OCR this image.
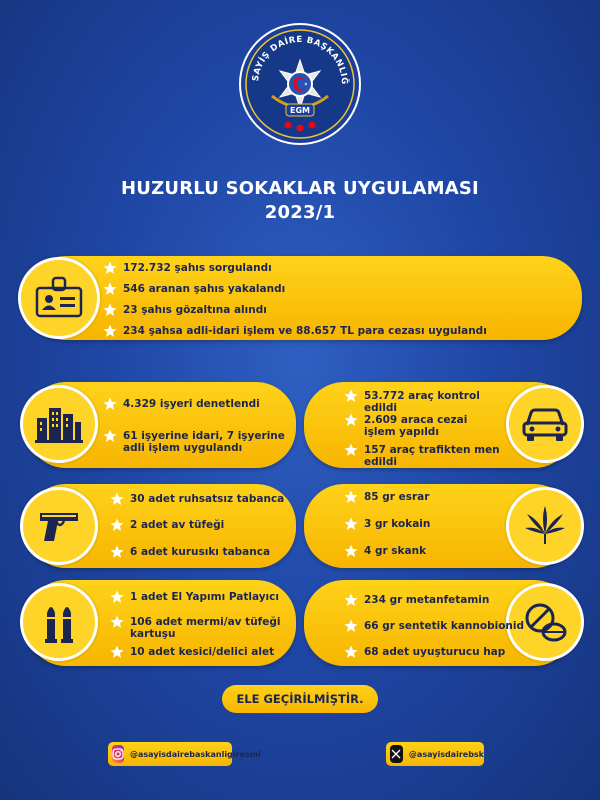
SAYİŞ DAİRE BAŞKANLIĞ
EGM
HUZURLU SOKAKLAR UYGULAMASI
2023/1
172.732 şahıs sorgulandı
546 aranan şahıs yakalandı
23 şahıs gözaltına alındı
234 şahsa adli-idari işlem ve 88.657 TL para cezası uygulandı
4.329 işyeri denetlendi
61 işyerine idari, 7 işyerine adli işlem uygulandı
53.772 araç kontrol edildi
2.609 araca cezai işlem yapıldı
157 araç trafikten men edildi
30 adet ruhsatsız tabanca
2 adet av tüfeği
6 adet kurusıkı tabanca
85 gr esrar
3 gr kokain
4 gr skank
1 adet El Yapımı Patlayıcı
106 adet mermi/av tüfeği kartuşu
10 adet kesici/delici alet
234 gr metanfetamin
66 gr sentetik kannobionid
68 adet uyuşturucu hap
ELE GEÇİRİLMİŞTİR.
@asayisdairebaskanligiresmi	@asayisdairebsk
